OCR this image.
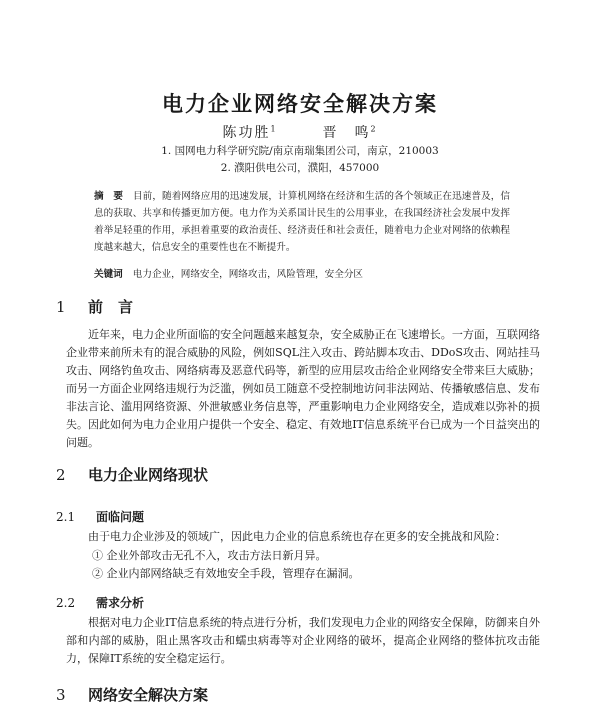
电力企业网络安全解决方案
陈功胜$^1$   	晋　鸣$^2$
1. 国网电力科学研究院/南京南瑞集团公司，南京，210003
2. 濮阳供电公司，濮阳，457000
摘　要 目前，随着网络应用的迅速发展，计算机网络在经济和生活的各个领域正在迅速普及，信息的获取、共享和传播更加方便。电力作为关系国计民生的公用事业，在我国经济社会发展中发挥着举足轻重的作用，承担着重要的政治责任、经济责任和社会责任，随着电力企业对网络的依赖程度越来越大，信息安全的重要性也在不断提升。
关键词 电力企业，网络安全，网络攻击，风险管理，安全分区
1 前　言
近年来，电力企业所面临的安全问题越来越复杂，安全威胁正在飞速增长。一方面，互联网络企业带来前所未有的混合威胁的风险，例如SQL注入攻击、跨站脚本攻击、DDoS攻击、网站挂马攻击、网络钓鱼攻击、网络病毒及恶意代码等，新型的应用层攻击给企业网络安全带来巨大威胁；而另一方面企业网络违规行为泛滥，例如员工随意不受控制地访问非法网站、传播敏感信息、发布非法言论、滥用网络资源、外泄敏感业务信息等，严重影响电力企业网络安全，造成难以弥补的损失。因此如何为电力企业用户提供一个安全、稳定、有效地IT信息系统平台已成为一个日益突出的问题。
2 电力企业网络现状
2.1 面临问题
由于电力企业涉及的领域广，因此电力企业的信息系统也存在更多的安全挑战和风险：
① 企业外部攻击无孔不入，攻击方法日新月异。
② 企业内部网络缺乏有效地安全手段，管理存在漏洞。
2.2 需求分析
根据对电力企业IT信息系统的特点进行分析，我们发现电力企业的网络安全保障，防御来自外部和内部的威胁，阻止黑客攻击和蠕虫病毒等对企业网络的破坏，提高企业网络的整体抗攻击能力，保障IT系统的安全稳定运行。
3 网络安全解决方案
